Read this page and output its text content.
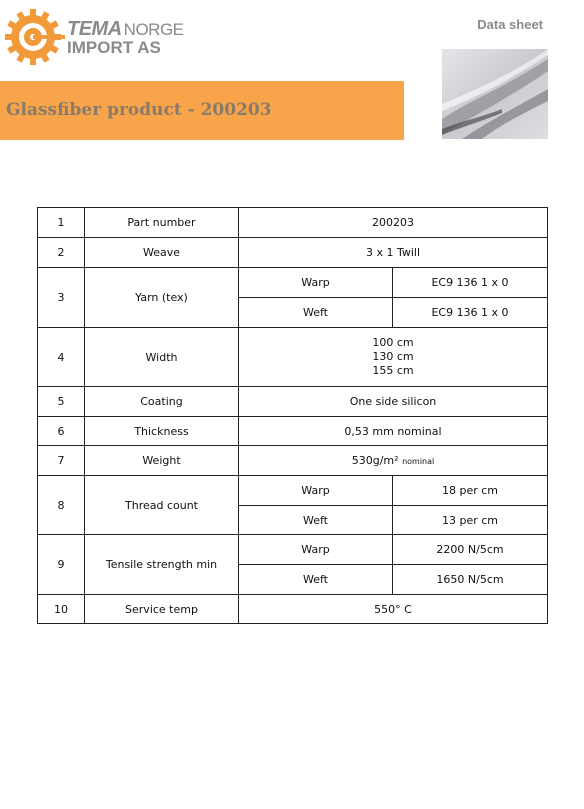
TEMA NORGE
IMPORT AS
Data sheet
Glassfiber product - 200203
1	Part number	200203	
2	Weave	3 x 1 Twill	
3	Yarn (tex)	Warp	EC9 136 1 x 0
		Weft	EC9 136 1 x 0
4	Width	100 cm
130 cm
155 cm	

5	Coating	One side silicon	
6	Thickness	0,53 mm nominal	
7	Weight	530g/m² nominal	
8	Thread count	Warp	18 per cm
		Weft	13 per cm
9	Tensile strength min	Warp	2200 N/5cm
		Weft	1650 N/5cm
10	Service temp	550° C	
